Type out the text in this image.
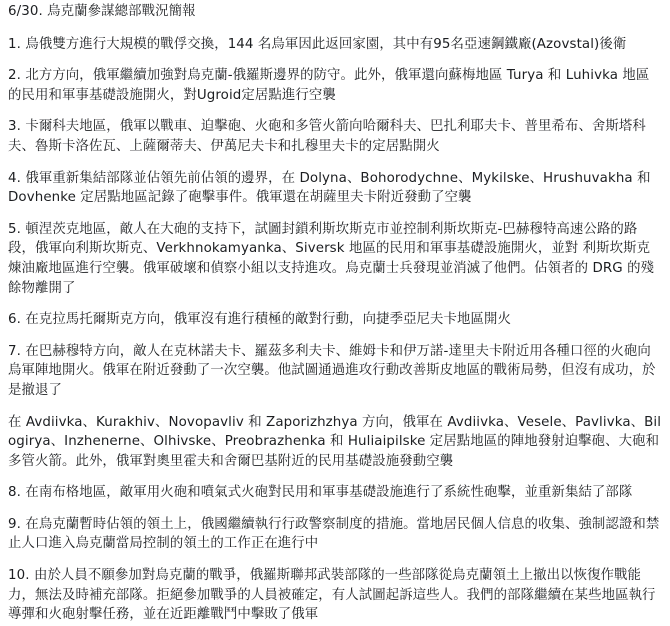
6/30. 烏克蘭參謀總部戰況簡報
1. 烏俄雙方進行大規模的戰俘交換，144 名烏軍因此返回家園，其中有95名亞速鋼鐵廠(Azovstal)後衛
2. 北方方向，俄軍繼續加強對烏克蘭-俄羅斯邊界的防守。此外，俄軍還向蘇梅地區 Turya 和 Luhivka 地區的民用和軍事基礎設施開火，對Ugroid定居點進行空襲
3. 卡爾科夫地區，俄軍以戰車、迫擊砲、火砲和多管火箭向哈爾科夫、巴扎利耶夫卡、普里希布、舍斯塔科夫、魯斯卡洛佐瓦、上薩爾蒂夫、伊萬尼夫卡和扎穆里夫卡的定居點開火
4. 俄軍重新集結部隊並佔領先前佔領的邊界，在 Dolyna、Bohorodychne、Mykilske、Hrushuvakha 和 Dovhenke 定居點地區記錄了砲擊事件。俄軍還在胡薩里夫卡附近發動了空襲
5. 頓涅茨克地區，敵人在大砲的支持下，試圖封鎖利斯坎斯克市並控制利斯坎斯克-巴赫穆特高速公路的路段，俄軍向利斯坎斯克、Verkhnokamyanka、Siversk 地區的民用和軍事基礎設施開火，並對 利斯坎斯克煉油廠地區進行空襲。俄軍破壞和偵察小組以支持進攻。烏克蘭士兵發現並消滅了他們。佔領者的 DRG 的殘餘物離開了
6. 在克拉馬托爾斯克方向，俄軍沒有進行積極的敵對行動，向捷季亞尼夫卡地區開火
7. 在巴赫穆特方向，敵人在克林諾夫卡、羅茲多利夫卡、維姆卡和伊万諾-達里夫卡附近用各種口徑的火砲向烏軍陣地開火。俄軍在附近發動了一次空襲。他試圖通過進攻行動改善斯皮地區的戰術局勢，但沒有成功，於是撤退了
在 Avdiivka、Kurakhiv、Novopavliv 和 Zaporizhzhya 方向，俄軍在 Avdiivka、Vesele、Pavlivka、Bilogirya、Inzhenerne、Olhivske、Preobrazhenka 和 Huliaipilske 定居點地區的陣地發射迫擊砲、大砲和多管火箭。此外，俄軍對奧里霍夫和舍爾巴基附近的民用基礎設施發動空襲
8. 在南布格地區，敵軍用火砲和噴氣式火砲對民用和軍事基礎設施進行了系統性砲擊，並重新集結了部隊
9. 在烏克蘭暫時佔領的領土上，俄國繼續執行行政警察制度的措施。當地居民個人信息的收集、強制認證和禁止人口進入烏克蘭當局控制的領土的工作正在進行中
10. 由於人員不願參加對烏克蘭的戰爭，俄羅斯聯邦武裝部隊的一些部隊從烏克蘭領土上撤出以恢復作戰能力，無法及時補充部隊。拒絕參加戰爭的人員被確定，有人試圖起訴這些人。我們的部隊繼續在某些地區執行導彈和火砲射擊任務，並在近距離戰鬥中擊敗了俄軍
